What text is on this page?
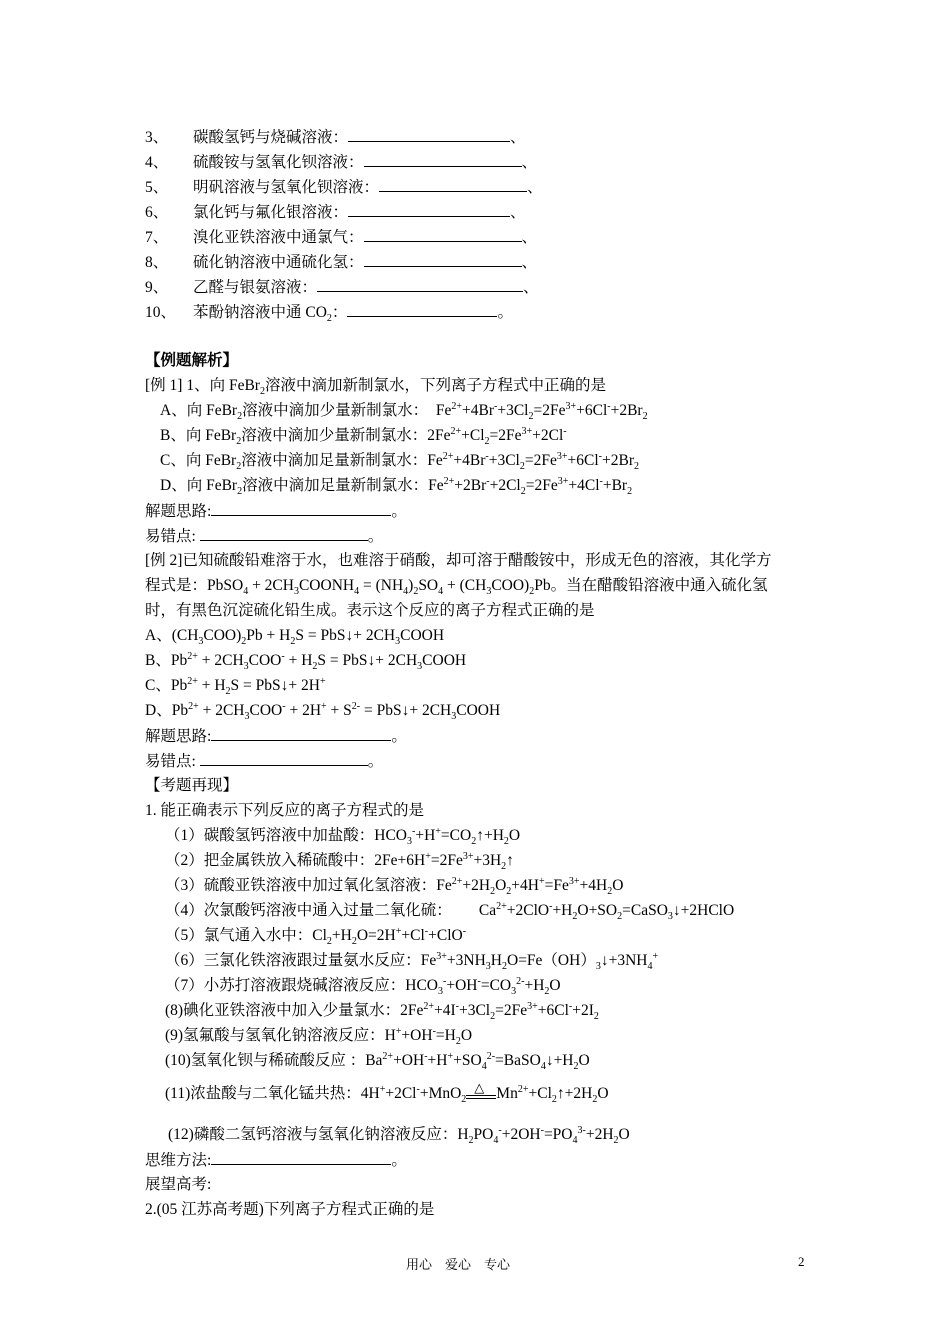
3、 碳酸氢钙与烧碱溶液：	、
4、 硫酸铵与氢氧化钡溶液：	、
5、 明矾溶液与氢氧化钡溶液：	、
6、 氯化钙与氟化银溶液：	、
7、 溴化亚铁溶液中通氯气：	、
8、 硫化钠溶液中通硫化氢：	、
9、 乙醛与银氨溶液：	、
10、 苯酚钠溶液中通 $CO_2$：	。
【例题解析】
[例 1] 1、向 FeBr$_2$溶液中滴加新制氯水，下列离子方程式中正确的是
A、向 FeBr$_2$溶液中滴加少量新制氯水：  $Fe^{2+}+4Br^-+3Cl_2=2Fe^{3+}+6Cl^-+2Br_2$
B、向 FeBr$_2$溶液中滴加少量新制氯水：$2Fe^{2+}+Cl_2=2Fe^{3+}+2Cl^-$
C、向 FeBr$_2$溶液中滴加足量新制氯水：$Fe^{2+}+4Br^-+3Cl_2=2Fe^{3+}+6Cl^-+2Br_2$
D、向 FeBr$_2$溶液中滴加足量新制氯水：$Fe^{2+}+2Br^-+2Cl_2=2Fe^{3+}+4Cl^-+Br_2$
解题思路:	。
易错点:	。
[例 2]已知硫酸铅难溶于水，也难溶于硝酸，却可溶于醋酸铵中，形成无色的溶液，其化学方
程式是：PbSO$_4$ + $2CH_3COONH_4 = (NH_4)_2SO_4 + (CH_3COO)_2Pb$。当在醋酸铅溶液中通入硫化氢
时，有黑色沉淀硫化铅生成。表示这个反应的离子方程式正确的是
A、$(CH_3COO)_2Pb + H_2S$ = PbS↓+ $2CH_3COOH$
B、$Pb^{2+} + 2CH_3COO^- + H_2S$ = PbS↓+ $2CH_3COOH$
C、$Pb^{2+} + H_2S$ = PbS↓+ 2H+
D、$Pb^{2+} + 2CH_3COO^- + 2H^+ + S^{2-}$ = PbS↓+ $2CH_3COOH$
解题思路:	。
易错点:	。
【考题再现】
1. 能正确表示下列反应的离子方程式的是
（1）碳酸氢钙溶液中加盐酸：$HCO_3^-+H^+=CO_2↑+H_2O$
（2）把金属铁放入稀硫酸中：$2Fe+6H^+=2Fe^{3+}+3H_2↑$
（3）硫酸亚铁溶液中加过氧化氢溶液：$Fe^{2+}+2H_2O_2+4H^+=Fe^{3+}+4H_2O$
（4）次氯酸钙溶液中通入过量二氧化硫：       $Ca^{2+}+2ClO^-+H_2O+SO_2=CaSO_3↓+2HClO$
（5）氯气通入水中：$Cl_2+H_2O=2H^++Cl^-+ClO^-$
（6）三氯化铁溶液跟过量氨水反应：$Fe^{3+}+3NH_3H_2O=Fe(OH)_3↓+3NH_4^+$
（7）小苏打溶液跟烧碱溶液反应：$HCO_3^-+OH^-=CO_3^{2-}+H_2O$
(8)碘化亚铁溶液中加入少量氯水：$2Fe^{2+}+4I^-+3Cl_2=2Fe^{3+}+6Cl^-+2I_2$
(9)氢氟酸与氢氧化钠溶液反应：$H^++OH^-=H_2O$
(10)氢氧化钡与稀硫酸反应 ：$Ba^{2+}+OH^-+H^++SO_4^{2-}=BaSO_4↓+H_2O$
(11)浓盐酸与二氧化锰共热：4H++2Cl-+MnO$_2$
△ $Mn^{2+}+Cl_2↑+2H_2O$
(12)磷酸二氢钙溶液与氢氧化钠溶液反应：$H_2PO_4^-+2OH^-=PO_4^{3-}+2H_2O$
思维方法:	。
展望高考:
2.(05 江苏高考题)下列离子方程式正确的是
用心　爱心　专心	2
